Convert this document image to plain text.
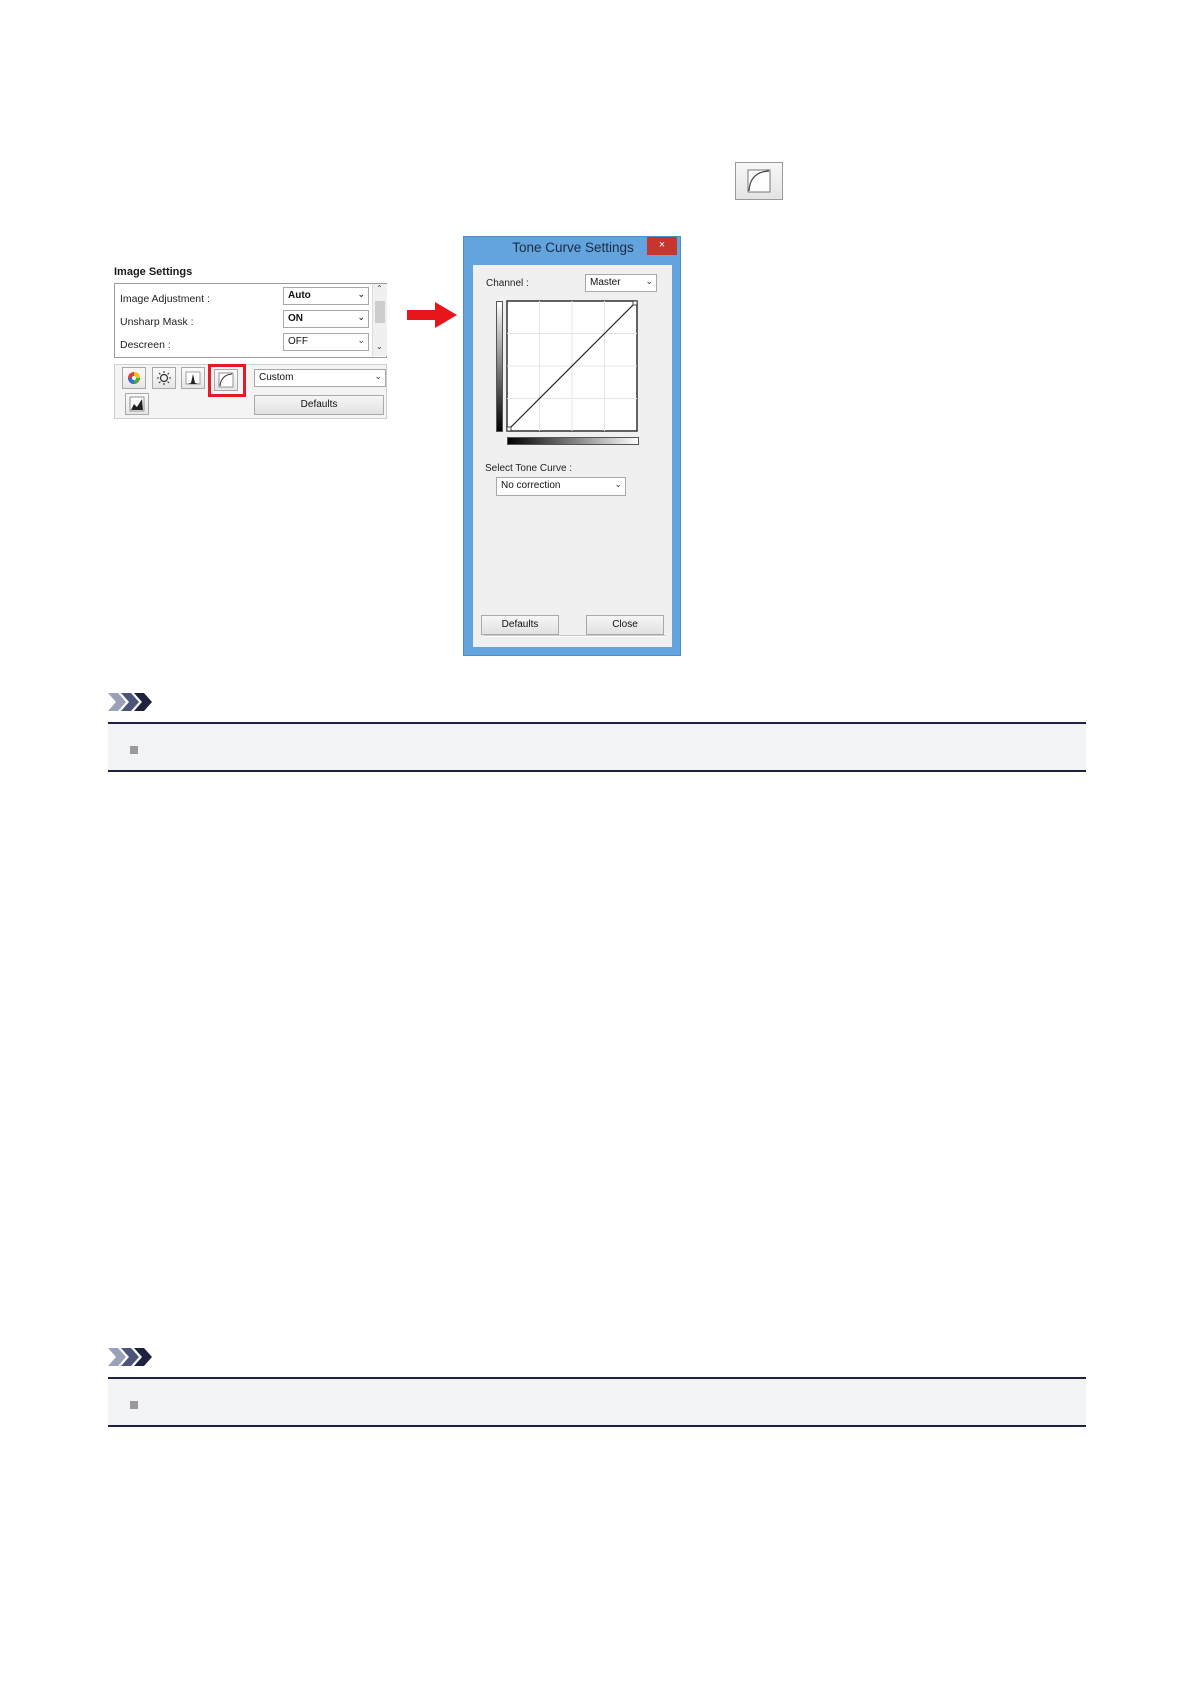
Image Settings
Image Adjustment :	Auto	⌄
Unsharp Mask :	ON	⌄
Descreen :	OFF	⌄
⌃
⌄
Custom	⌄
Defaults
Tone Curve Settings	×
Channel :	Master	⌄
Select Tone Curve :
No correction	⌄
Defaults	Close
